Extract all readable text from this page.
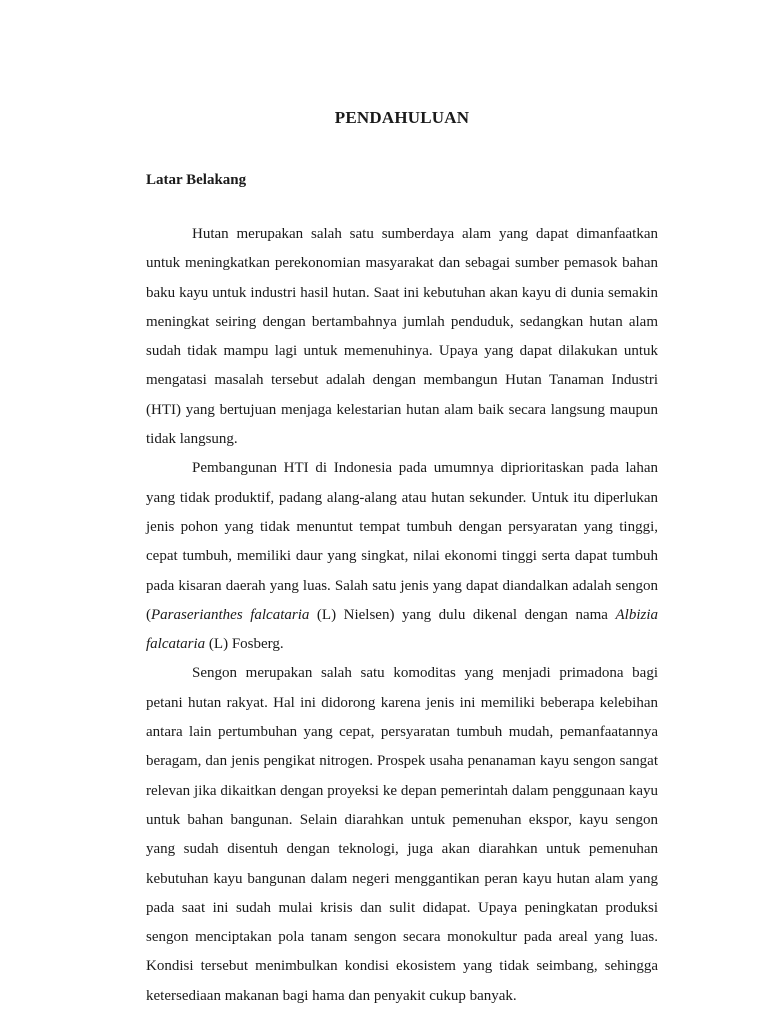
PENDAHULUAN
Latar Belakang

Hutan merupakan salah satu sumberdaya alam yang dapat dimanfaatkan untuk meningkatkan perekonomian masyarakat dan sebagai sumber pemasok bahan baku kayu untuk industri hasil hutan. Saat ini kebutuhan akan kayu di dunia semakin meningkat seiring dengan bertambahnya jumlah penduduk, sedangkan hutan alam sudah tidak mampu lagi untuk memenuhinya. Upaya yang dapat dilakukan untuk mengatasi masalah tersebut adalah dengan membangun Hutan Tanaman Industri (HTI) yang bertujuan menjaga kelestarian hutan alam baik secara langsung maupun tidak langsung.

Pembangunan HTI di Indonesia pada umumnya diprioritaskan pada lahan yang tidak produktif, padang alang-alang atau hutan sekunder. Untuk itu diperlukan jenis pohon yang tidak menuntut tempat tumbuh dengan persyaratan yang tinggi, cepat tumbuh, memiliki daur yang singkat, nilai ekonomi tinggi serta dapat tumbuh pada kisaran daerah yang luas. Salah satu jenis yang dapat diandalkan adalah sengon (Paraserianthes falcataria (L) Nielsen) yang dulu dikenal dengan nama Albizia falcataria (L) Fosberg.

Sengon merupakan salah satu komoditas yang menjadi primadona bagi petani hutan rakyat. Hal ini didorong karena jenis ini memiliki beberapa kelebihan antara lain pertumbuhan yang cepat, persyaratan tumbuh mudah, pemanfaatannya beragam, dan jenis pengikat nitrogen. Prospek usaha penanaman kayu sengon sangat relevan jika dikaitkan dengan proyeksi ke depan pemerintah dalam penggunaan kayu untuk bahan bangunan. Selain diarahkan untuk pemenuhan ekspor, kayu sengon yang sudah disentuh dengan teknologi, juga akan diarahkan untuk pemenuhan kebutuhan kayu bangunan dalam negeri menggantikan peran kayu hutan alam yang pada saat ini sudah mulai krisis dan sulit didapat. Upaya peningkatan produksi sengon menciptakan pola tanam sengon secara monokultur pada areal yang luas. Kondisi tersebut menimbulkan kondisi ekosistem yang tidak seimbang, sehingga ketersediaan makanan bagi hama dan penyakit cukup banyak.
